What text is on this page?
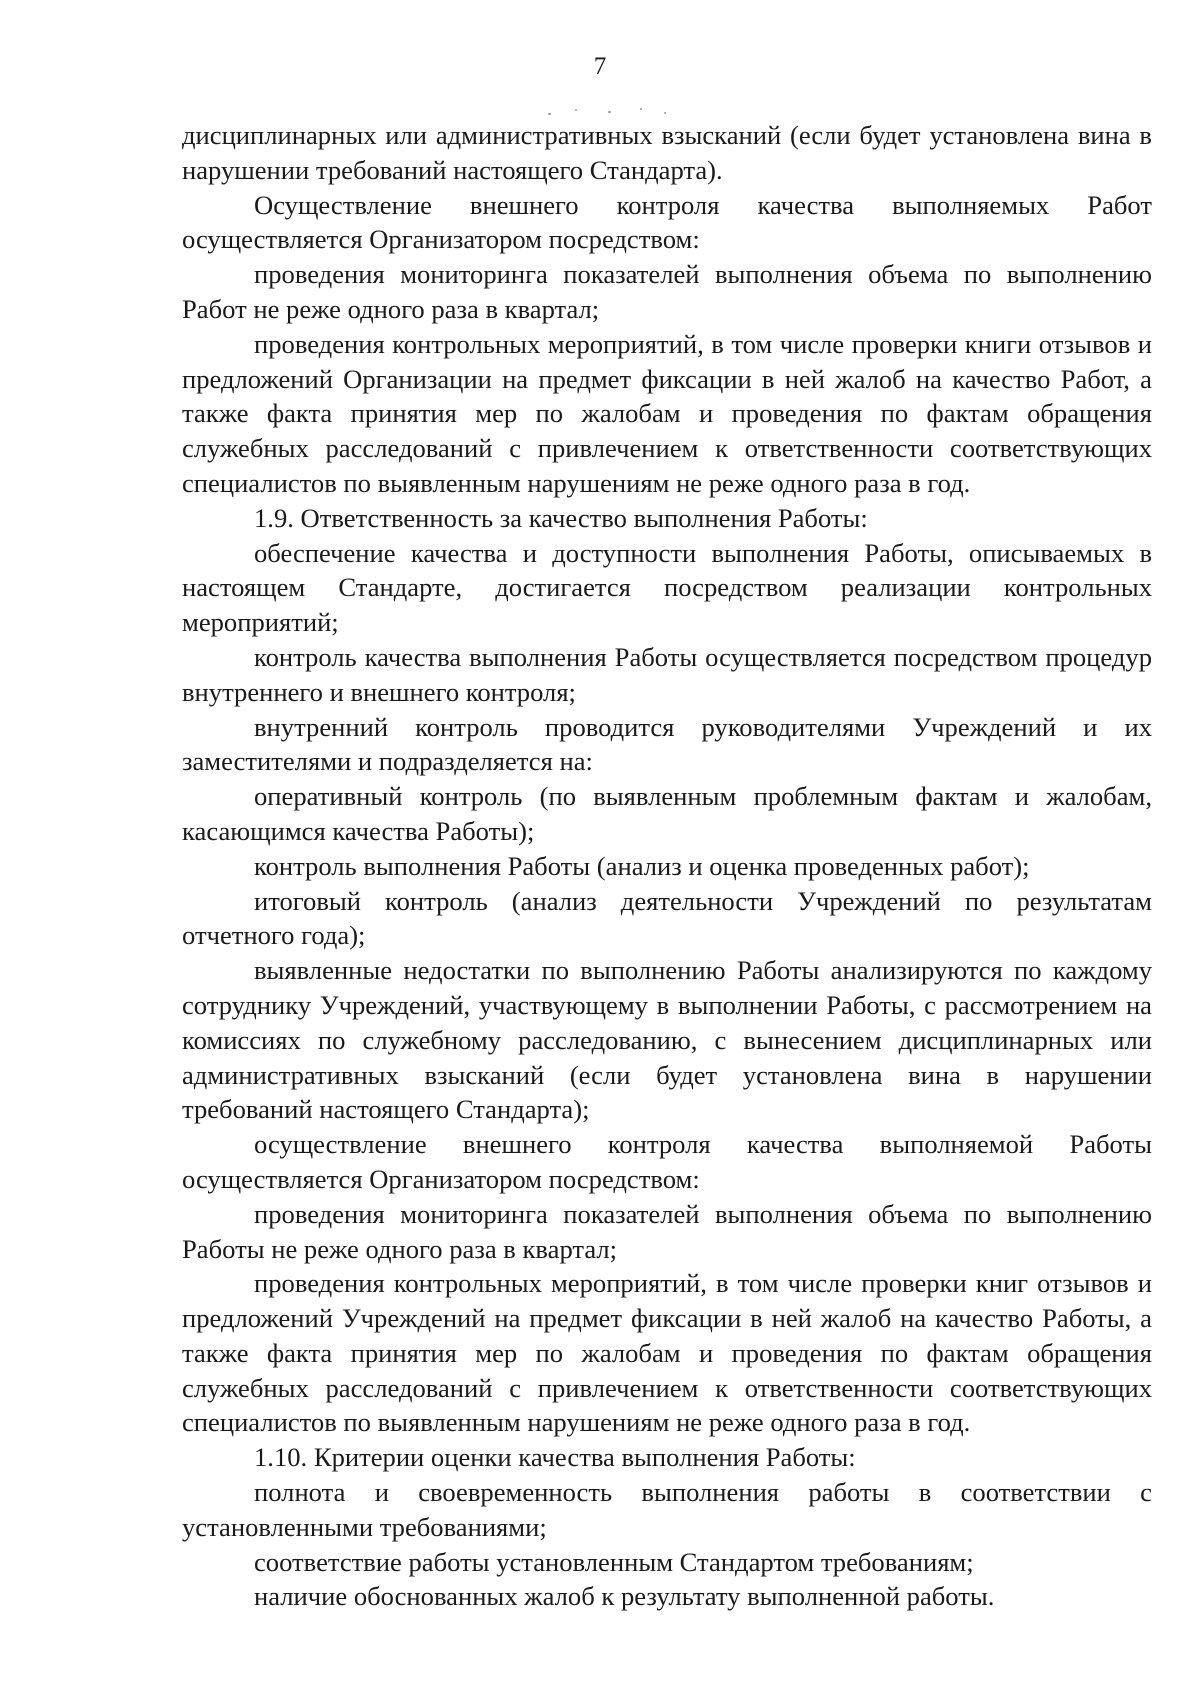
7

дисциплинарных или административных взысканий (если будет установлена вина в нарушении требований настоящего Стандарта).

Осуществление внешнего контроля качества выполняемых Работ осуществляется Организатором посредством:

проведения мониторинга показателей выполнения объема по выполнению Работ не реже одного раза в квартал;

проведения контрольных мероприятий, в том числе проверки книги отзывов и предложений Организации на предмет фиксации в ней жалоб на качество Работ, а также факта принятия мер по жалобам и проведения по фактам обращения служебных расследований с привлечением к ответственности соответствующих специалистов по выявленным нарушениям не реже одного раза в год.

1.9. Ответственность за качество выполнения Работы:

обеспечение качества и доступности выполнения Работы, описываемых в настоящем Стандарте, достигается посредством реализации контрольных мероприятий;

контроль качества выполнения Работы осуществляется посредством процедур внутреннего и внешнего контроля;

внутренний контроль проводится руководителями Учреждений и их заместителями и подразделяется на:

оперативный контроль (по выявленным проблемным фактам и жалобам, касающимся качества Работы);

контроль выполнения Работы (анализ и оценка проведенных работ);

итоговый контроль (анализ деятельности Учреждений по результатам отчетного года);

выявленные недостатки по выполнению Работы анализируются по каждому сотруднику Учреждений, участвующему в выполнении Работы, с рассмотрением на комиссиях по служебному расследованию, с вынесением дисциплинарных или административных взысканий (если будет установлена вина в нарушении требований настоящего Стандарта);

осуществление внешнего контроля качества выполняемой Работы осуществляется Организатором посредством:

проведения мониторинга показателей выполнения объема по выполнению Работы не реже одного раза в квартал;

проведения контрольных мероприятий, в том числе проверки книг отзывов и предложений Учреждений на предмет фиксации в ней жалоб на качество Работы, а также факта принятия мер по жалобам и проведения по фактам обращения служебных расследований с привлечением к ответственности соответствующих специалистов по выявленным нарушениям не реже одного раза в год.

1.10. Критерии оценки качества выполнения Работы:

полнота и своевременность выполнения работы в соответствии с установленными требованиями;

соответствие работы установленным Стандартом требованиям;

наличие обоснованных жалоб к результату выполненной работы.
